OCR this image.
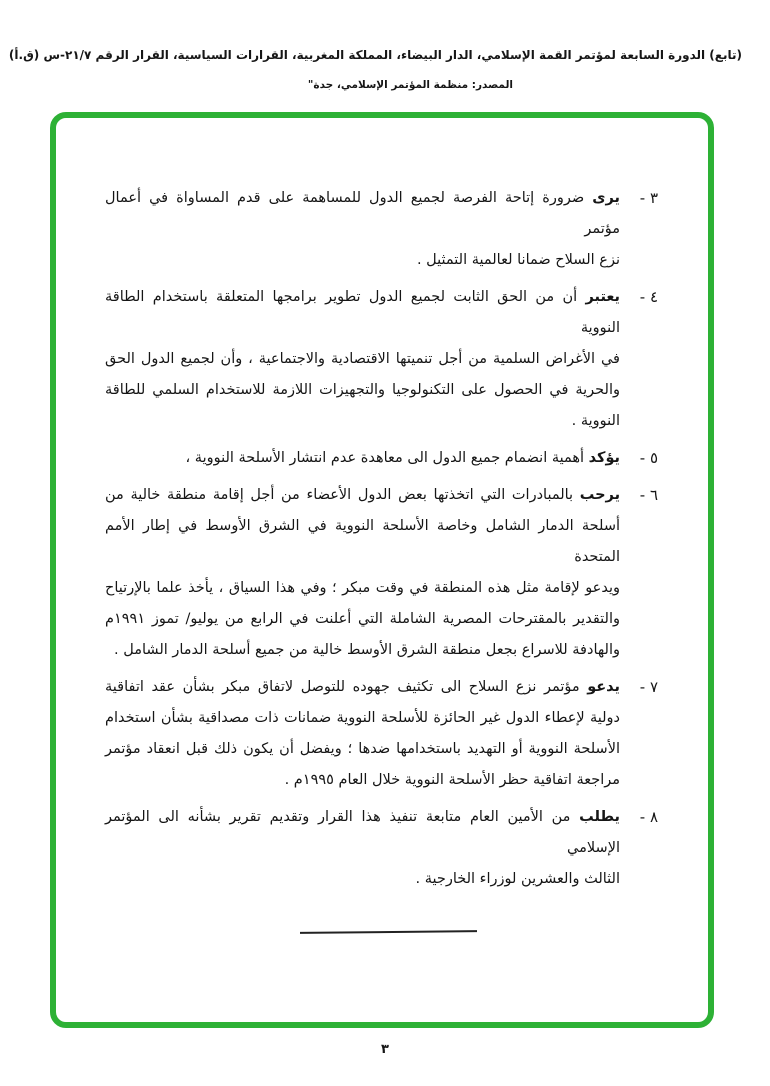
(تابع) الدورة السابعة لمؤتمر القمة الإسلامي، الدار البيضاء، المملكة المغربية، القرارات السياسية، القرار الرقم ٢١/٧-س (ق.أ)
المصدر: منظمة المؤتمر الإسلامي، جدة"
٣ -
يرى ضرورة إتاحة الفرصة لجميع الدول للمساهمة على قدم المساواة في أعمال مؤتمر
نزع السلاح ضمانا لعالمية التمثيل .
٤ -
يعتبر أن من الحق الثابت لجميع الدول تطوير برامجها المتعلقة باستخدام الطاقة النووية
في الأغراض السلمية من أجل تنميتها الاقتصادية والاجتماعية ، وأن لجميع الدول الحق
والحرية في الحصول على التكنولوجيا والتجهيزات اللازمة للاستخدام السلمي للطاقة
النووية .
٥ -
يؤكد أهمية انضمام جميع الدول الى معاهدة عدم انتشار الأسلحة النووية ،
٦ -
يرحب بالمبادرات التي اتخذتها بعض الدول الأعضاء من أجل إقامة منطقة خالية من
أسلحة الدمار الشامل وخاصة الأسلحة النووية في الشرق الأوسط في إطار الأمم المتحدة
ويدعو لإقامة مثل هذه المنطقة في وقت مبكر ؛ وفي هذا السياق ، يأخذ علما بالإرتياح
والتقدير بالمقترحات المصرية الشاملة التي أعلنت في الرابع من يوليو/ تموز ١٩٩١م
والهادفة للاسراع بجعل منطقة الشرق الأوسط خالية من جميع أسلحة الدمار الشامل .
٧ -
يدعو مؤتمر نزع السلاح الى تكثيف جهوده للتوصل لاتفاق مبكر بشأن عقد اتفاقية
دولية لإعطاء الدول غير الحائزة للأسلحة النووية ضمانات ذات مصداقية بشأن استخدام
الأسلحة النووية أو التهديد باستخدامها ضدها ؛ ويفضل أن يكون ذلك قبل انعقاد مؤتمر
مراجعة اتفاقية حظر الأسلحة النووية خلال العام ١٩٩٥م .
٨ -
يطلب من الأمين العام متابعة تنفيذ هذا القرار وتقديم تقرير بشأنه الى المؤتمر الإسلامي
الثالث والعشرين لوزراء الخارجية .
٣
